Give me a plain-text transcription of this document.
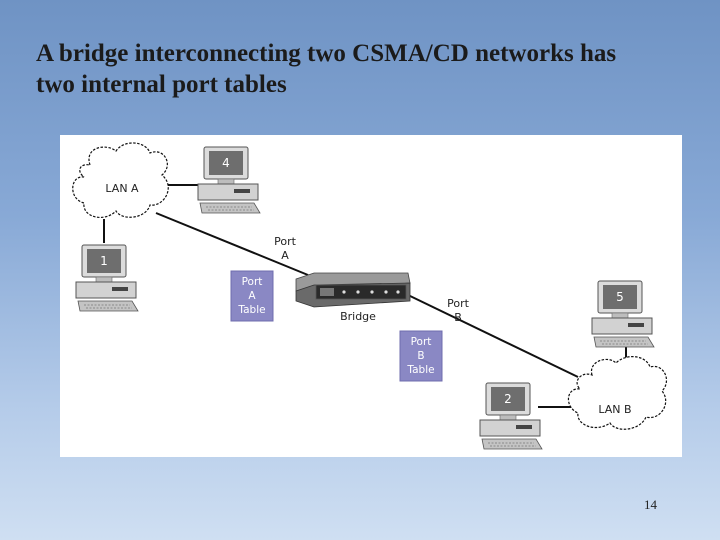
A bridge interconnecting two CSMA/CD networks has
two internal port tables
LAN A
LAN B
4
1
5
2
Bridge
Port
A
Port
B
Port
A
Table
Port
B
Table
14
